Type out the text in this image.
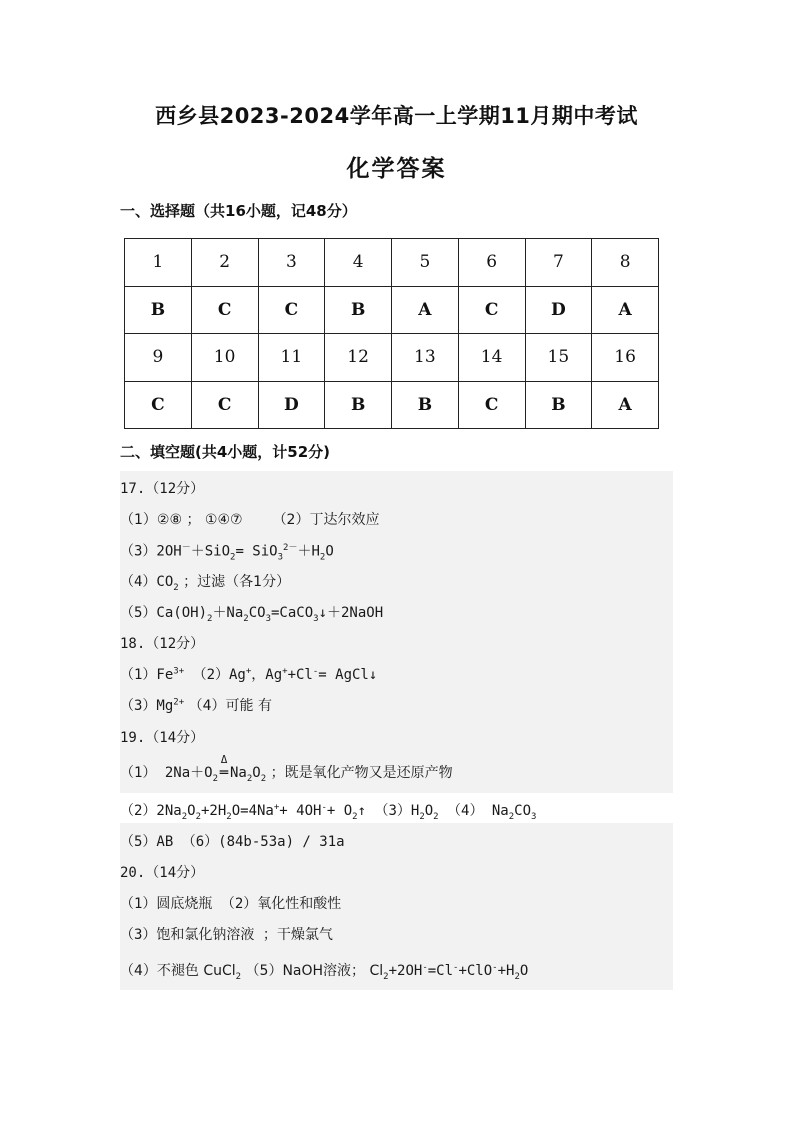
西乡县2023-2024学年高一上学期11月期中考试
化学答案
一、选择题（共16小题，记48分）
1	2	3	4	5	6	7	8
B	C	C	B	A	C	D	A
9	10	11	12	13	14	15	16
C	C	D	B	B	C	B	A
二、填空题(共4小题，计52分)
17.（12分）
（1）②⑧ ； ①④⑦ （2）丁达尔效应
$(3)2OH^-+SiO_2= SiO_3^{2-}+H_2O$
$(4)CO_2$ ；过滤（各1分）
$(5)Ca(OH)_2+Na_2CO_3=CaCO_3↓+2NaOH$
18.（12分）
$(1)Fe^{3+}$ （2）Ag+，Ag++Cl-= AgCl↓
$(3)Mg^{2+}$ （4）可能 有
19.（14分）
（1） $2Na+O_2$
Δ
═ $Na_2O_2$ ；既是氧化产物又是还原产物
$(2)2Na_2O_2+2H_2O=4Na^++ 4OH^-+$ $O_2↑$ $(3)H_2O_2$ （4） $Na_2CO_3$
（5）AB （6）(84b-53a) / 31a
20.（14分）
（1）圆底烧瓶 （2）氧化性和酸性
（3）饱和氯化钠溶液 ；干燥氯气
（4）不褪色 CuCl$_2$ （5）NaOH溶液； $Cl_2+2OH^-=Cl^-+ClO^-+H_2O$
